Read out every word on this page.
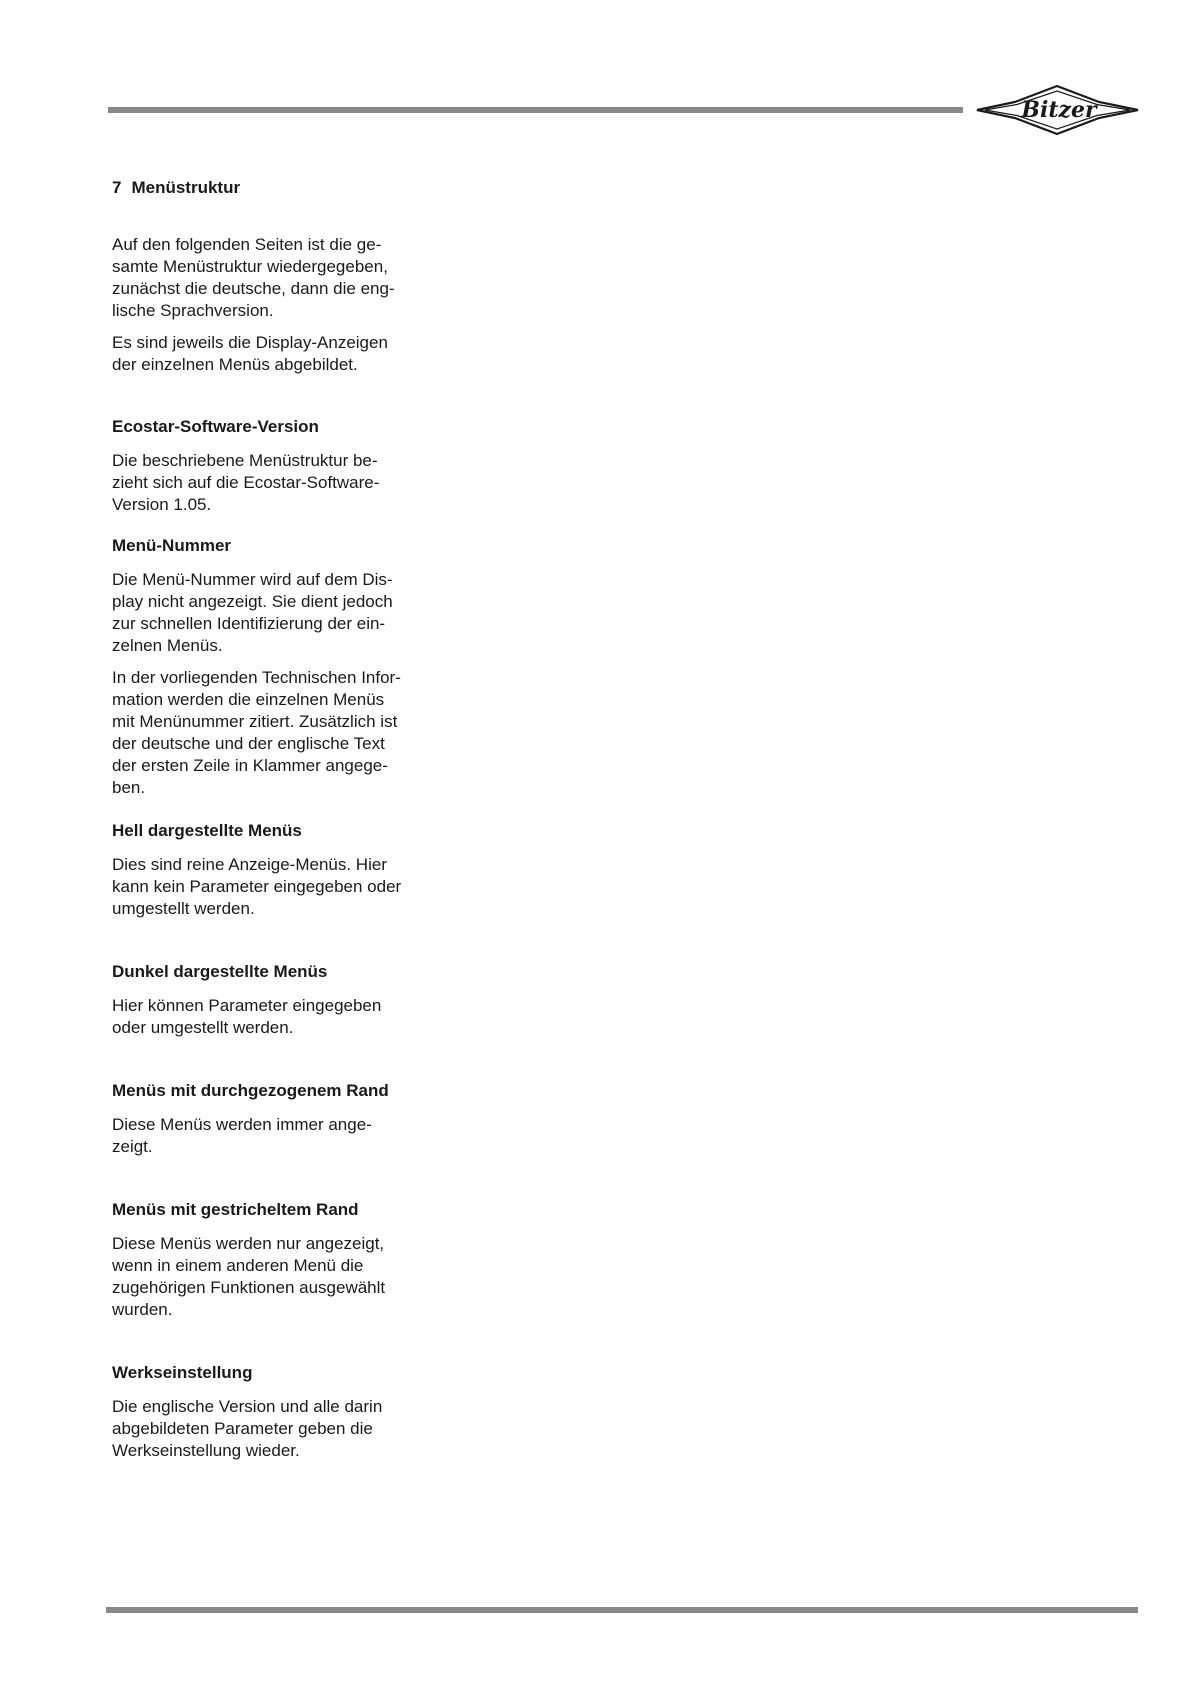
Bitzer
7 Menüstruktur

Auf den folgenden Seiten ist die ge-
samte Menüstruktur wiedergegeben,
zunächst die deutsche, dann die eng-
lische Sprachversion.

Es sind jeweils die Display-Anzeigen
der einzelnen Menüs abgebildet.

Ecostar-Software-Version

Die beschriebene Menüstruktur be-
zieht sich auf die Ecostar-Software-
Version 1.05.

Menü-Nummer

Die Menü-Nummer wird auf dem Dis-
play nicht angezeigt. Sie dient jedoch
zur schnellen Identifizierung der ein-
zelnen Menüs.

In der vorliegenden Technischen Infor-
mation werden die einzelnen Menüs
mit Menünummer zitiert. Zusätzlich ist
der deutsche und der englische Text
der ersten Zeile in Klammer angege-
ben.

Hell dargestellte Menüs

Dies sind reine Anzeige-Menüs. Hier
kann kein Parameter eingegeben oder
umgestellt werden.

Dunkel dargestellte Menüs

Hier können Parameter eingegeben
oder umgestellt werden.

Menüs mit durchgezogenem Rand

Diese Menüs werden immer ange-
zeigt.

Menüs mit gestricheltem Rand

Diese Menüs werden nur angezeigt,
wenn in einem anderen Menü die
zugehörigen Funktionen ausgewählt
wurden.

Werkseinstellung

Die englische Version und alle darin
abgebildeten Parameter geben die
Werkseinstellung wieder.
